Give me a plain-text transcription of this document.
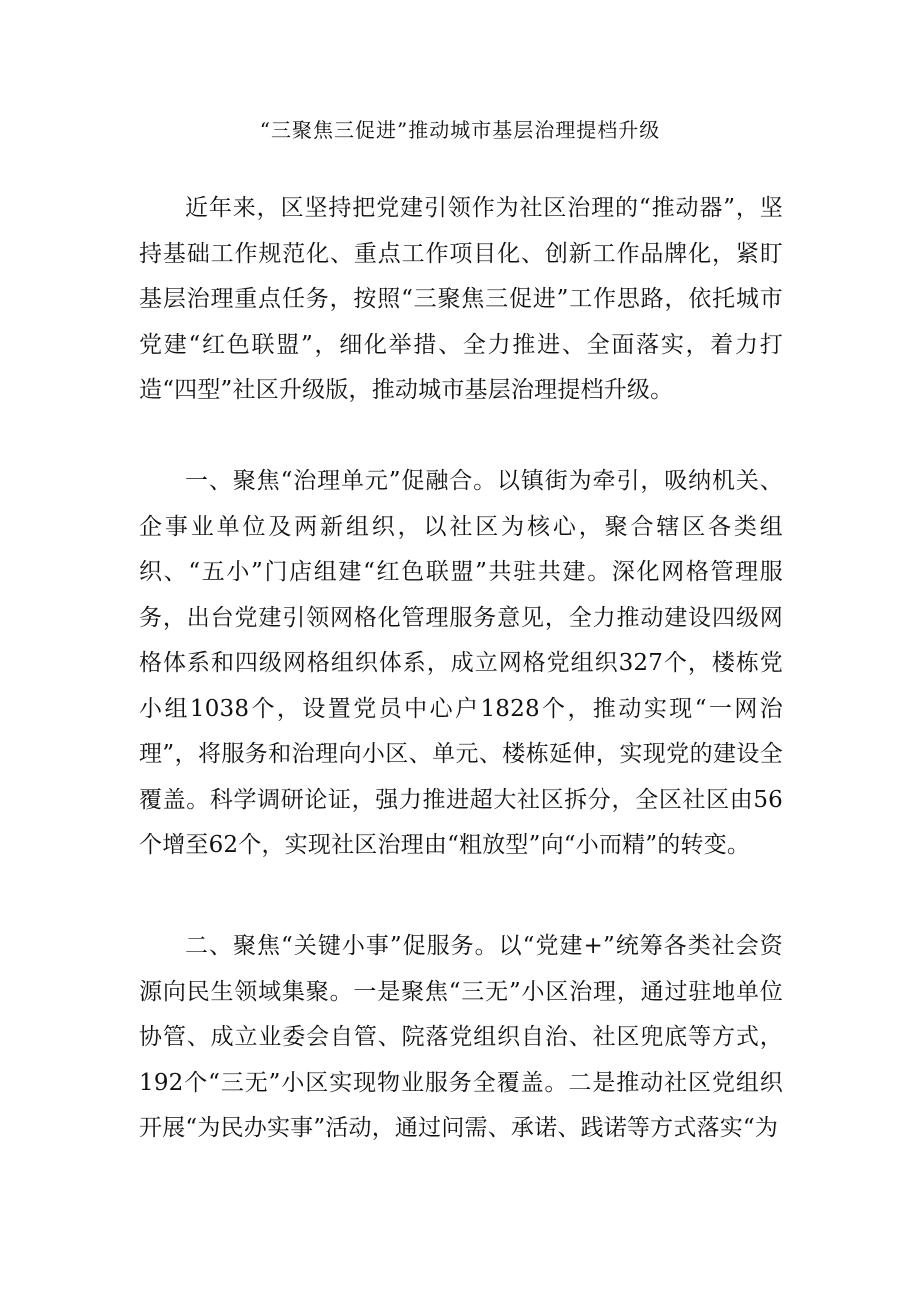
“三聚焦三促进”推动城市基层治理提档升级

近年来，区坚持把党建引领作为社区治理的“推动器”，坚持基础工作规范化、重点工作项目化、创新工作品牌化，紧盯基层治理重点任务，按照“三聚焦三促进”工作思路，依托城市党建“红色联盟”，细化举措、全力推进、全面落实，着力打造“四型”社区升级版，推动城市基层治理提档升级。

一、聚焦“治理单元”促融合。以镇街为牵引，吸纳机关、企事业单位及两新组织，以社区为核心，聚合辖区各类组织、“五小”门店组建“红色联盟”共驻共建。深化网格管理服务，出台党建引领网格化管理服务意见，全力推动建设四级网格体系和四级网格组织体系，成立网格党组织327个，楼栋党小组1038个，设置党员中心户1828个，推动实现“一网治理”，将服务和治理向小区、单元、楼栋延伸，实现党的建设全覆盖。科学调研论证，强力推进超大社区拆分，全区社区由56个增至62个，实现社区治理由“粗放型”向“小而精”的转变。

二、聚焦“关键小事”促服务。以“党建+”统筹各类社会资源向民生领域集聚。一是聚焦“三无”小区治理，通过驻地单位协管、成立业委会自管、院落党组织自治、社区兜底等方式，192个“三无”小区实现物业服务全覆盖。二是推动社区党组织开展“为民办实事”活动，通过问需、承诺、践诺等方式落实“为
